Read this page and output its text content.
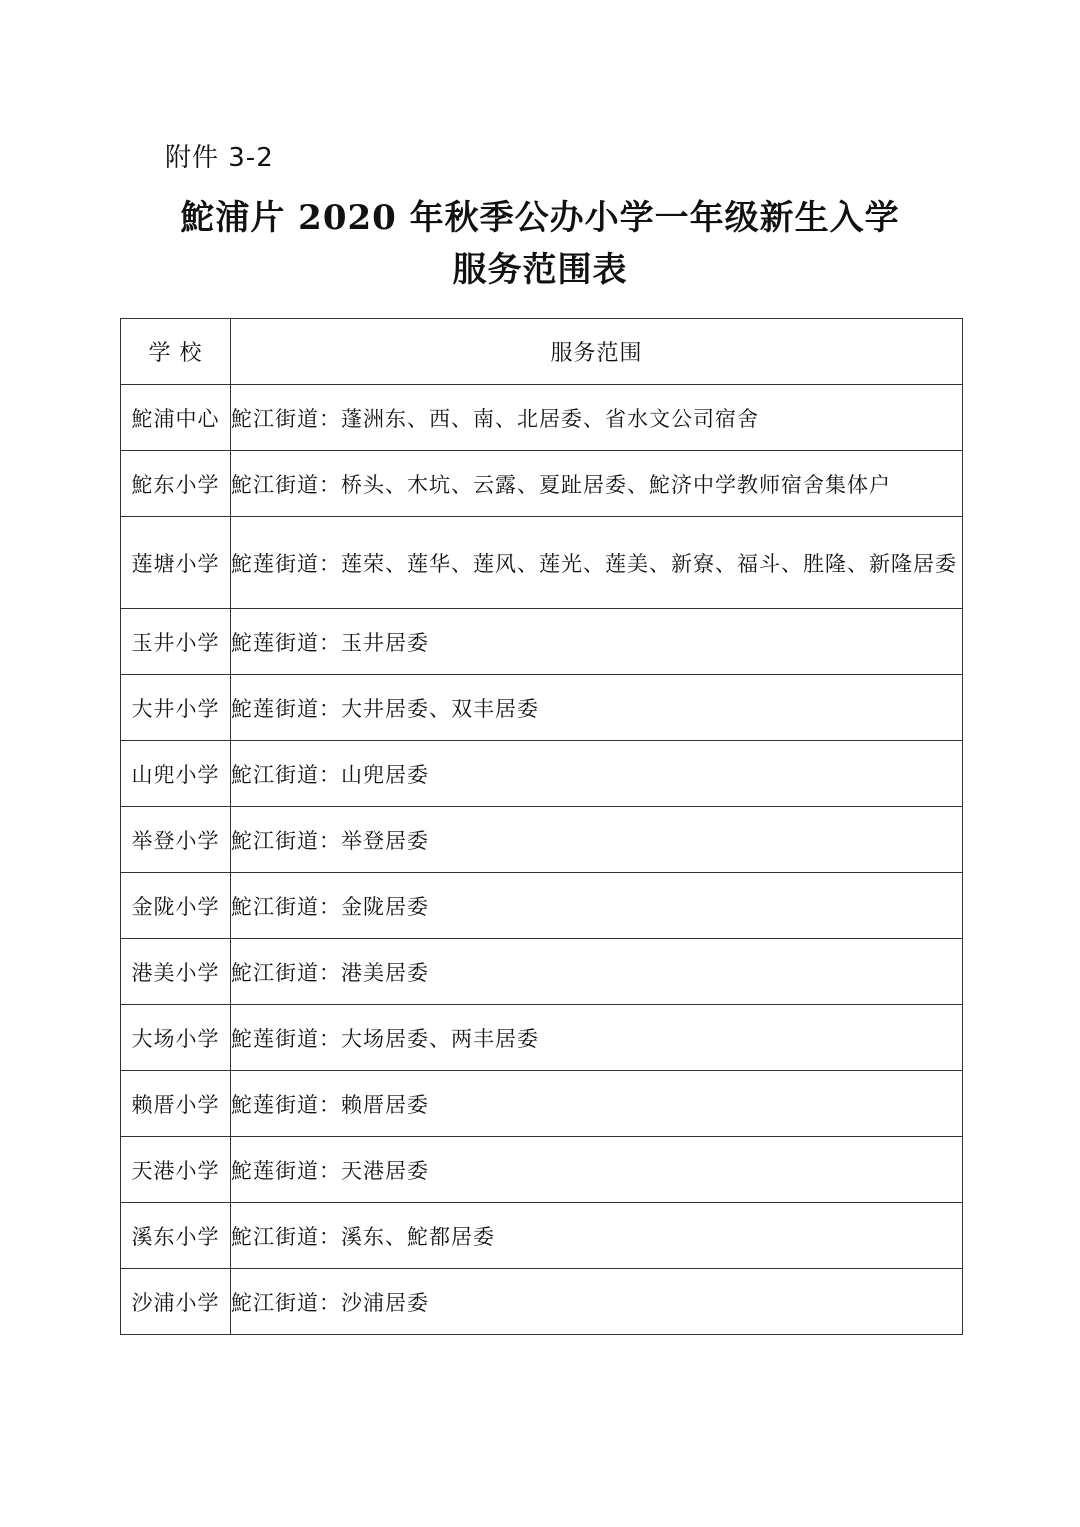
附件 3-2
鮀浦片 2020 年秋季公办小学一年级新生入学
服务范围表
学 校	服务范围
鮀浦中心	鮀江街道：蓬洲东、西、南、北居委、省水文公司宿舍
鮀东小学	鮀江街道：桥头、木坑、云露、夏趾居委、鮀济中学教师宿舍集体户
莲塘小学	鮀莲街道：莲荣、莲华、莲风、莲光、莲美、新寮、福斗、胜隆、新隆居委
玉井小学	鮀莲街道：玉井居委
大井小学	鮀莲街道：大井居委、双丰居委
山兜小学	鮀江街道：山兜居委
举登小学	鮀江街道：举登居委
金陇小学	鮀江街道：金陇居委
港美小学	鮀江街道：港美居委
大场小学	鮀莲街道：大场居委、两丰居委
赖厝小学	鮀莲街道：赖厝居委
天港小学	鮀莲街道：天港居委
溪东小学	鮀江街道：溪东、鮀都居委
沙浦小学	鮀江街道：沙浦居委
